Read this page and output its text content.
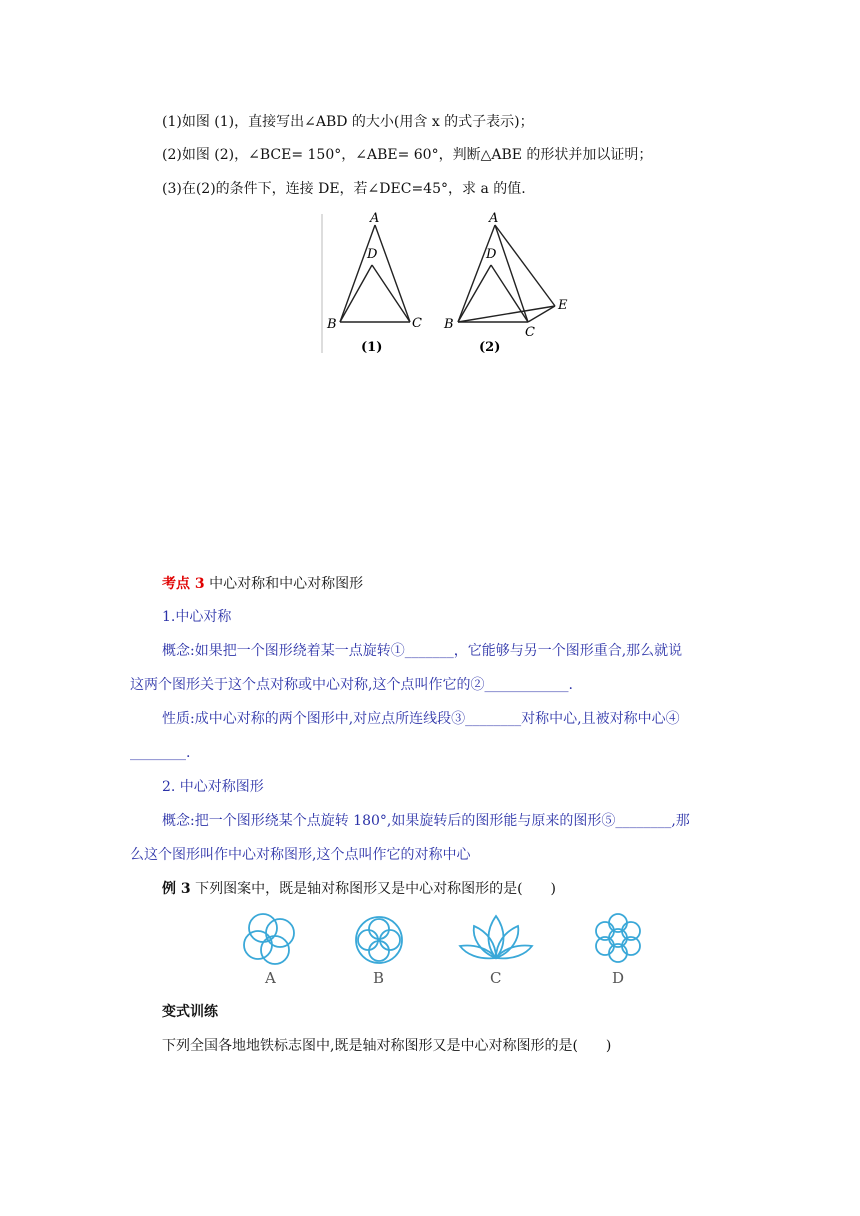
(1)如图 (1)，直接写出∠ABD 的大小(用含 x 的式子表示)；
(2)如图 (2)，∠BCE= 150°，∠ABE= 60°，判断△ABE 的形状并加以证明；
(3)在(2)的条件下，连接 DE，若∠DEC=45°，求 a 的值.
A
D
B	C
(1)
A
D
B
C
E
(2)
考点 3 中心对称和中心对称图形
1.中心对称
概念:如果把一个图形绕着某一点旋转①_______，它能够与另一个图形重合,那么就说
这两个图形关于这个点对称或中心对称,这个点叫作它的②____________.
性质:成中心对称的两个图形中,对应点所连线段③________对称中心,且被对称中心④
________.
2. 中心对称图形
概念:把一个图形绕某个点旋转 180°,如果旋转后的图形能与原来的图形⑤________,那
么这个图形叫作中心对称图形,这个点叫作它的对称中心
例 3 下列图案中，既是轴对称图形又是中心对称图形的是(　　)
A	B	C	D
变式训练
下列全国各地地铁标志图中,既是轴对称图形又是中心对称图形的是(　　)
